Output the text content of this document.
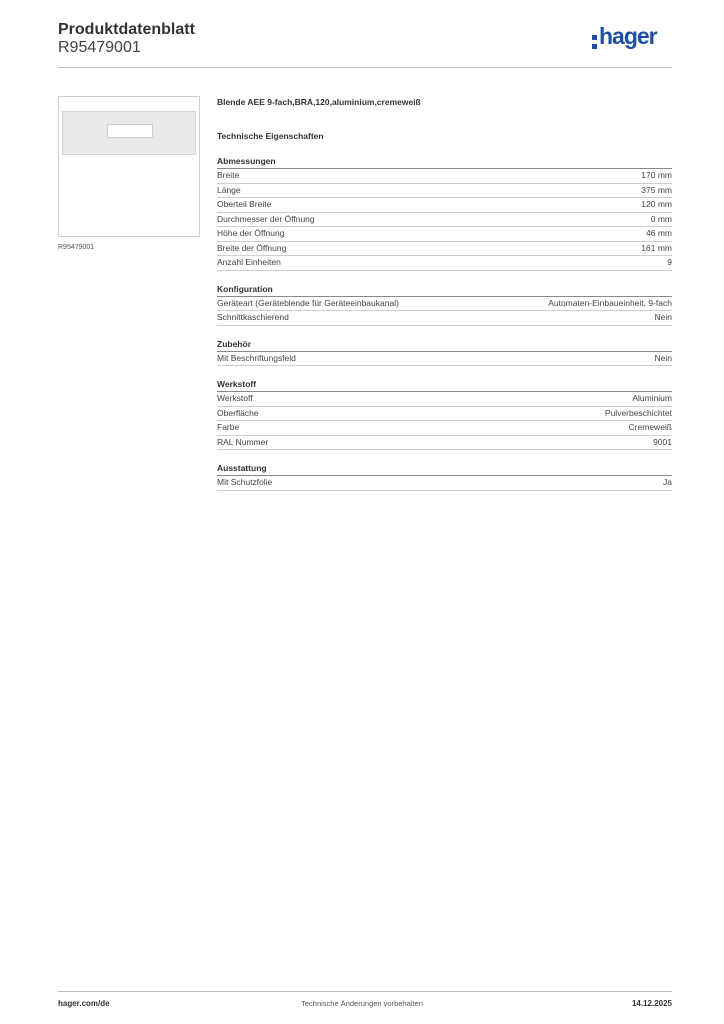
Produktdatenblatt
R95479001	hager
R95479001
Blende AEE 9-fach,BRA,120,aluminium,cremeweiß
Technische Eigenschaften
Abmessungen
Breite	170 mm
Länge	375 mm
Oberteil Breite	120 mm
Durchmesser der Öffnung	0 mm
Höhe der Öffnung	46 mm
Breite der Öffnung	161 mm
Anzahl Einheiten	9
Konfiguration
Geräteart (Geräteblende für Geräteeinbaukanal)	Automaten-Einbaueinheit, 9-fach
Schnittkaschierend	Nein
Zubehör
Mit Beschriftungsfeld	Nein
Werkstoff
Werkstoff	Aluminium
Oberfläche	Pulverbeschichtet
Farbe	Cremeweiß
RAL Nummer	9001
Ausstattung
Mit Schutzfolie	Ja
hager.com/de	Technische Änderungen vorbehalten	14.12.2025
